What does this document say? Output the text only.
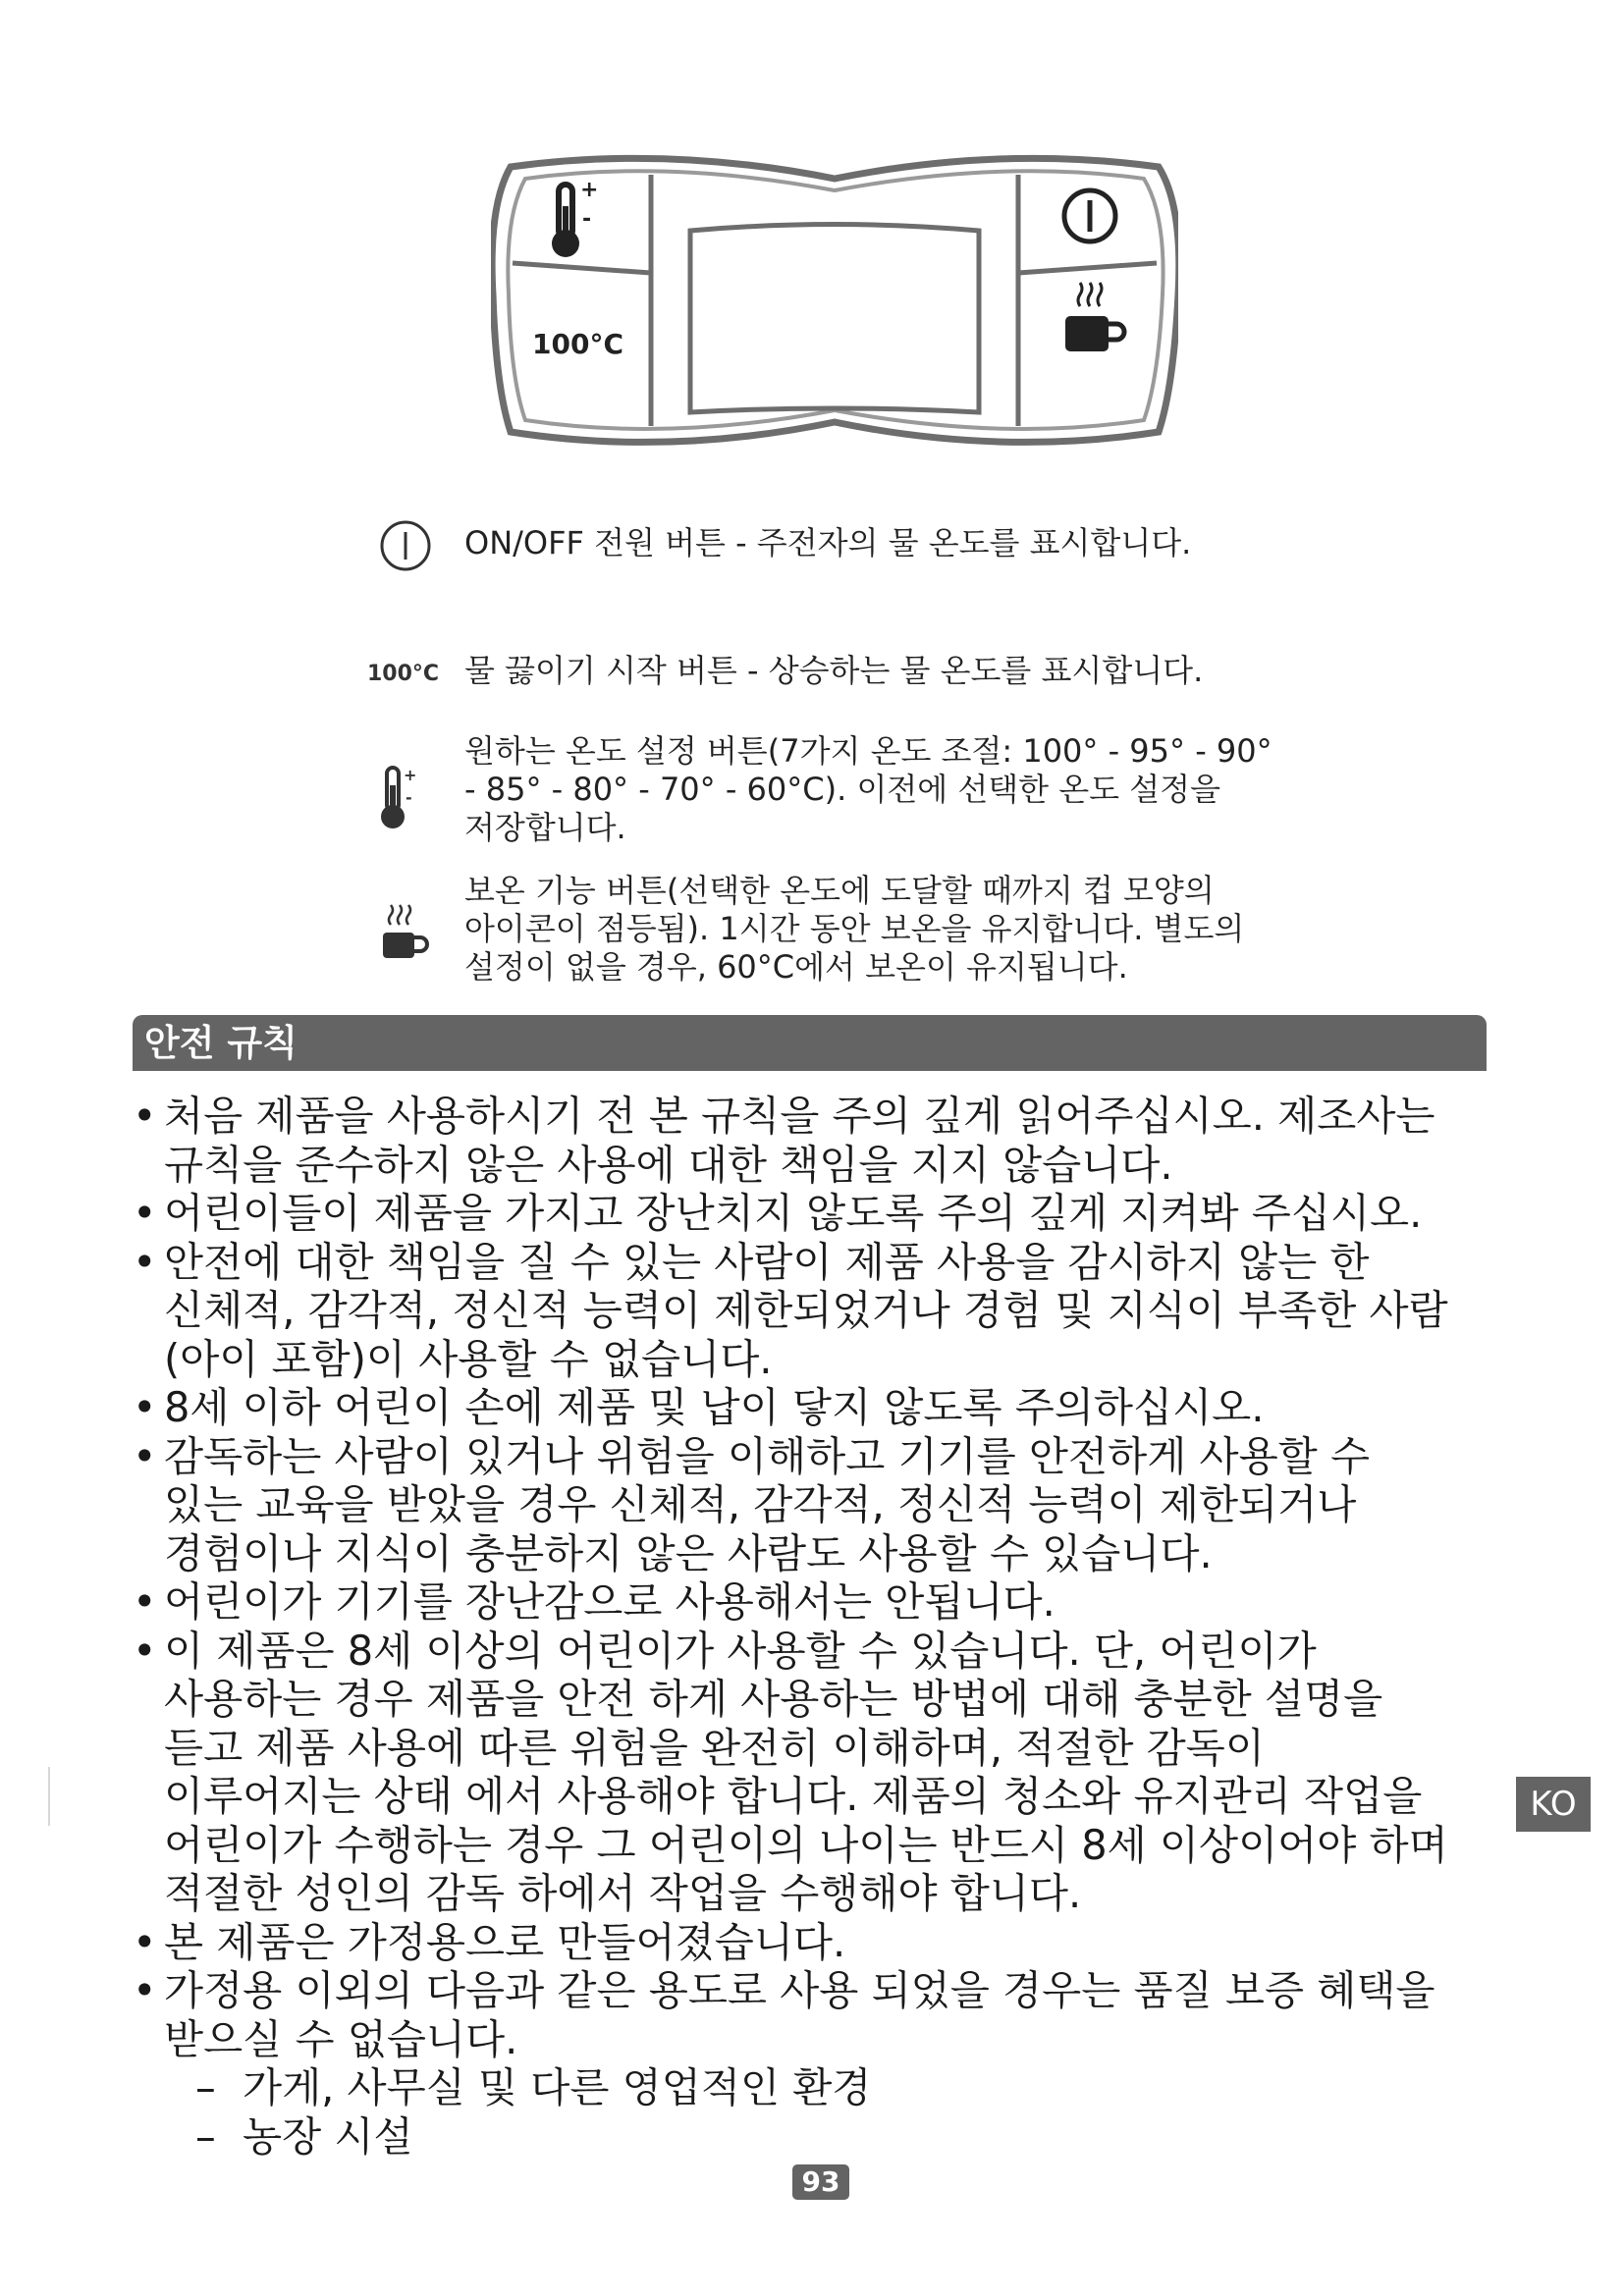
+
-
100°C
ON/OFF 전원 버튼 - 주전자의 물 온도를 표시합니다.
100°C 물 끓이기 시작 버튼 - 상승하는 물 온도를 표시합니다.
+
-
원하는 온도 설정 버튼(7가지 온도 조절: 100° - 95° - 90°
- 85° - 80° - 70° - 60°C). 이전에 선택한 온도 설정을
저장합니다.
보온 기능 버튼(선택한 온도에 도달할 때까지 컵 모양의
아이콘이 점등됨). 1시간 동안 보온을 유지합니다. 별도의
설정이 없을 경우, 60°C에서 보온이 유지됩니다.
안전 규칙
• 처음 제품을 사용하시기 전 본 규칙을 주의 깊게 읽어주십시오. 제조사는
규칙을 준수하지 않은 사용에 대한 책임을 지지 않습니다.
• 어린이들이 제품을 가지고 장난치지 않도록 주의 깊게 지켜봐 주십시오.
• 안전에 대한 책임을 질 수 있는 사람이 제품 사용을 감시하지 않는 한
신체적, 감각적, 정신적 능력이 제한되었거나 경험 및 지식이 부족한 사람
(아이 포함)이 사용할 수 없습니다.
• 8세 이하 어린이 손에 제품 및 납이 닿지 않도록 주의하십시오.
• 감독하는 사람이 있거나 위험을 이해하고 기기를 안전하게 사용할 수
있는 교육을 받았을 경우 신체적, 감각적, 정신적 능력이 제한되거나
경험이나 지식이 충분하지 않은 사람도 사용할 수 있습니다.
• 어린이가 기기를 장난감으로 사용해서는 안됩니다.
• 이 제품은 8세 이상의 어린이가 사용할 수 있습니다. 단, 어린이가
사용하는 경우 제품을 안전 하게 사용하는 방법에 대해 충분한 설명을
듣고 제품 사용에 따른 위험을 완전히 이해하며, 적절한 감독이
이루어지는 상태 에서 사용해야 합니다. 제품의 청소와 유지관리 작업을
어린이가 수행하는 경우 그 어린이의 나이는 반드시 8세 이상이어야 하며
적절한 성인의 감독 하에서 작업을 수행해야 합니다.
• 본 제품은 가정용으로 만들어졌습니다.
• 가정용 이외의 다음과 같은 용도로 사용 되었을 경우는 품질 보증 혜택을
받으실 수 없습니다.
– 가게, 사무실 및 다른 영업적인 환경
– 농장 시설
KO
93
